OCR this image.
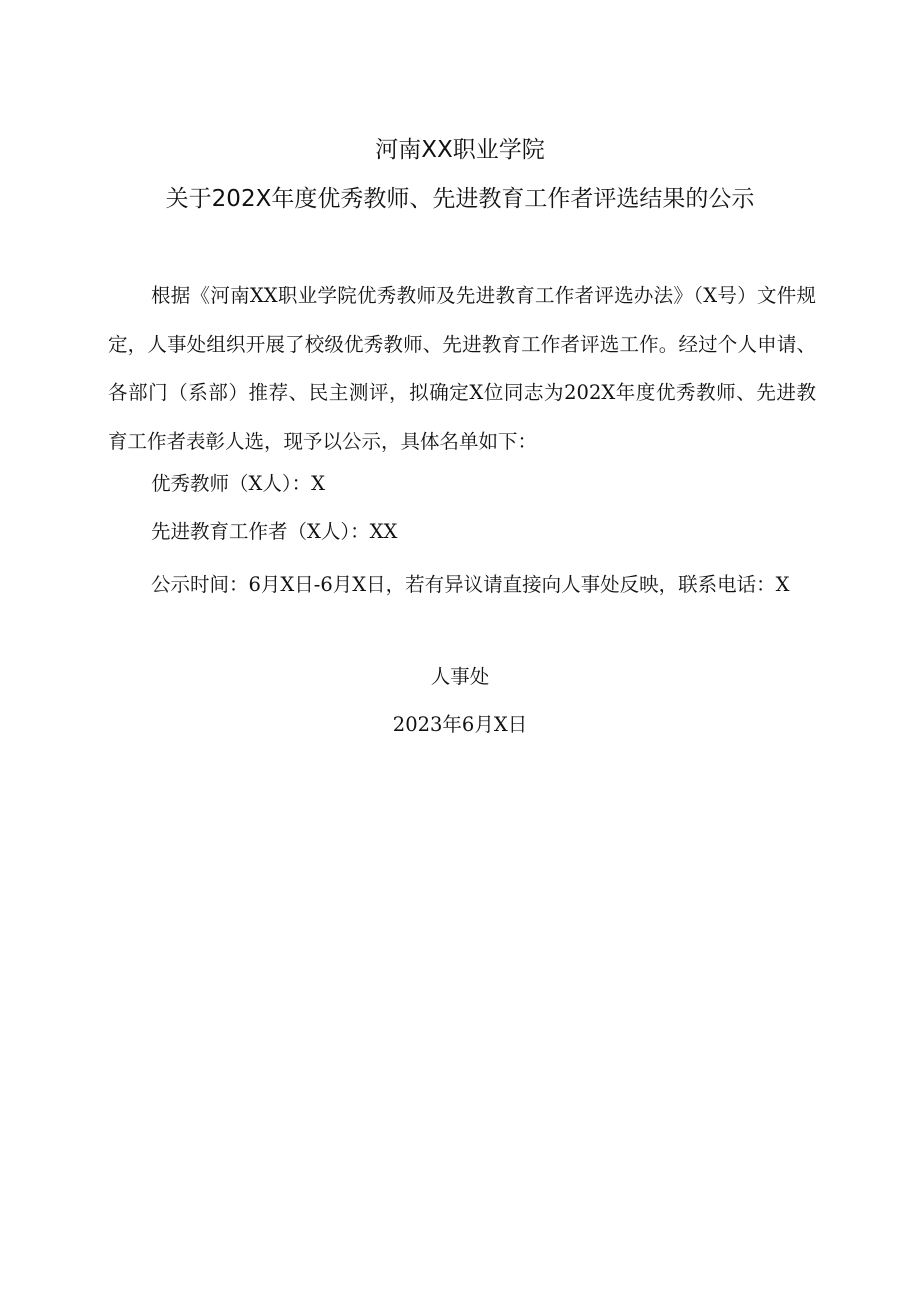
河南XX职业学院
关于202X年度优秀教师、先进教育工作者评选结果的公示
根据《河南XX职业学院优秀教师及先进教育工作者评选办法》（X号）文件规定，人事处组织开展了校级优秀教师、先进教育工作者评选工作。经过个人申请、各部门（系部）推荐、民主测评，拟确定X位同志为202X年度优秀教师、先进教育工作者表彰人选，现予以公示，具体名单如下：
优秀教师（X人）：X
先进教育工作者（X人）：XX
公示时间：6月X日-6月X日，若有异议请直接向人事处反映，联系电话：X
人事处
2023年6月X日
